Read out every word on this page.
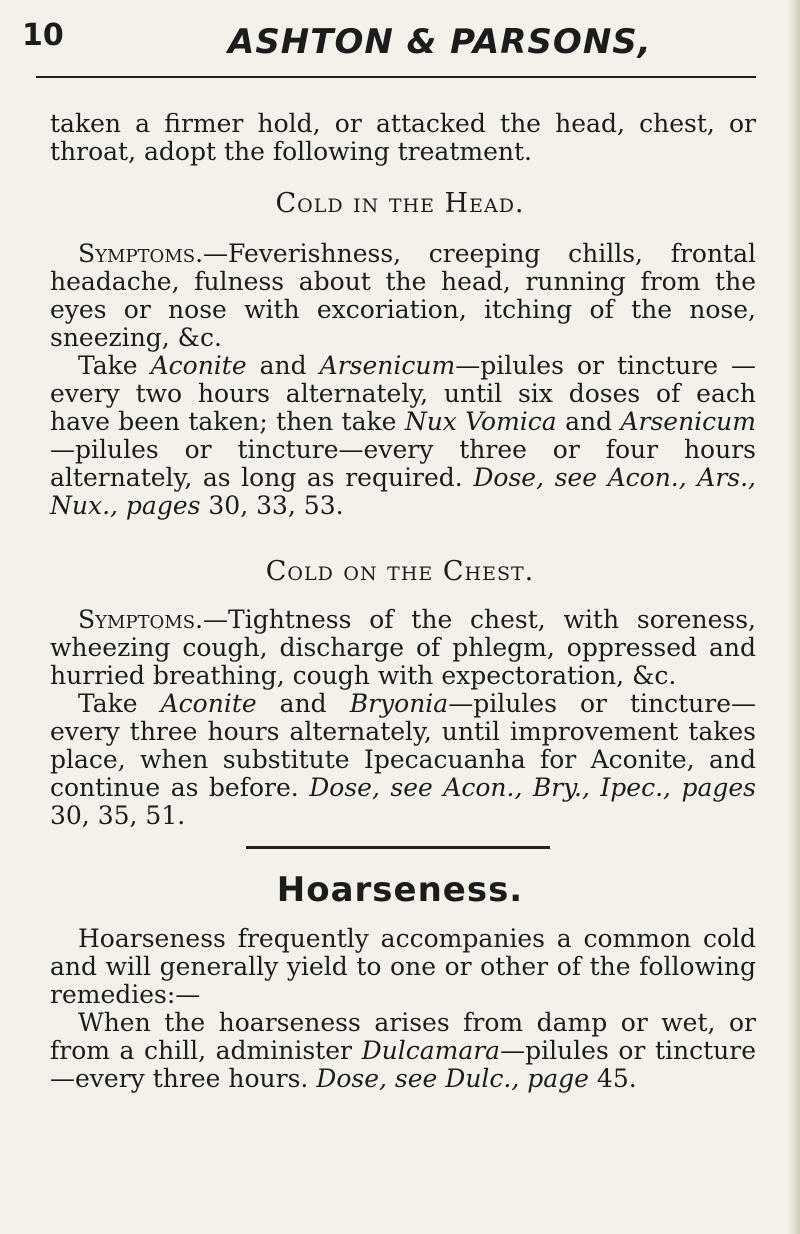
10	ASHTON & PARSONS,

taken a firmer hold, or attacked the head, chest, or throat, adopt the following treatment.

Cold in the Head.

Symptoms.—Feverishness, creeping chills, frontal headache, fulness about the head, running from the eyes or nose with excoriation, itching of the nose, sneezing, &c.

Take Aconite and Arsenicum—pilules or tincture —every two hours alternately, until six doses of each have been taken; then take Nux Vomica and Arsenicum—pilules or tincture—every three or four hours alternately, as long as required. Dose, see Acon., Ars., Nux., pages 30, 33, 53.

Cold on the Chest.

Symptoms.—Tightness of the chest, with soreness, wheezing cough, discharge of phlegm, oppressed and hurried breathing, cough with expectoration, &c.

Take Aconite and Bryonia—pilules or tincture— every three hours alternately, until improvement takes place, when substitute Ipecacuanha for Aconite, and continue as before. Dose, see Acon., Bry., Ipec., pages 30, 35, 51.

Hoarseness.

Hoarseness frequently accompanies a common cold and will generally yield to one or other of the following remedies:—

When the hoarseness arises from damp or wet, or from a chill, administer Dulcamara—pilules or tincture—every three hours. Dose, see Dulc., page 45.
